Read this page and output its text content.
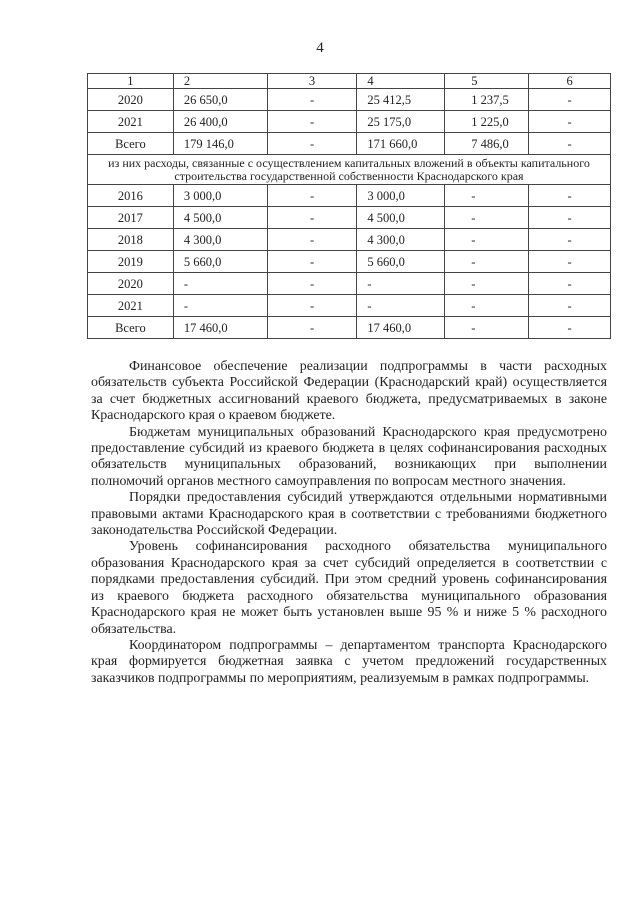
4
1	2	3	4	5	6
2020	26 650,0	-	25 412,5	1 237,5	-
2021	26 400,0	-	25 175,0	1 225,0	-
Всего	179 146,0	-	171 660,0	7 486,0	-
из них расходы, связанные с осуществлением капитальных вложений в объекты капитального строительства государственной собственности Краснодарского края					
2016	3 000,0	-	3 000,0	-	-
2017	4 500,0	-	4 500,0	-	-
2018	4 300,0	-	4 300,0	-	-
2019	5 660,0	-	5 660,0	-	-
2020	-	-	-	-	-
2021	-	-	-	-	-
Всего	17 460,0	-	17 460,0	-	-

Финансовое обеспечение реализации подпрограммы в части расходных обязательств субъекта Российской Федерации (Краснодарский край) осуществляется за счет бюджетных ассигнований краевого бюджета, предусматриваемых в законе Краснодарского края о краевом бюджете.

Бюджетам муниципальных образований Краснодарского края предусмотрено предоставление субсидий из краевого бюджета в целях софинансирования расходных обязательств муниципальных образований, возникающих при выполнении полномочий органов местного самоуправления по вопросам местного значения.

Порядки предоставления субсидий утверждаются отдельными нормативными правовыми актами Краснодарского края в соответствии с требованиями бюджетного законодательства Российской Федерации.

Уровень софинансирования расходного обязательства муниципального образования Краснодарского края за счет субсидий определяется в соответствии с порядками предоставления субсидий. При этом средний уровень софинансирования из краевого бюджета расходного обязательства муниципального образования Краснодарского края не может быть установлен выше 95 % и ниже 5 % расходного обязательства.

Координатором подпрограммы – департаментом транспорта Краснодарского края формируется бюджетная заявка с учетом предложений государственных заказчиков подпрограммы по мероприятиям, реализуемым в рамках подпрограммы.
